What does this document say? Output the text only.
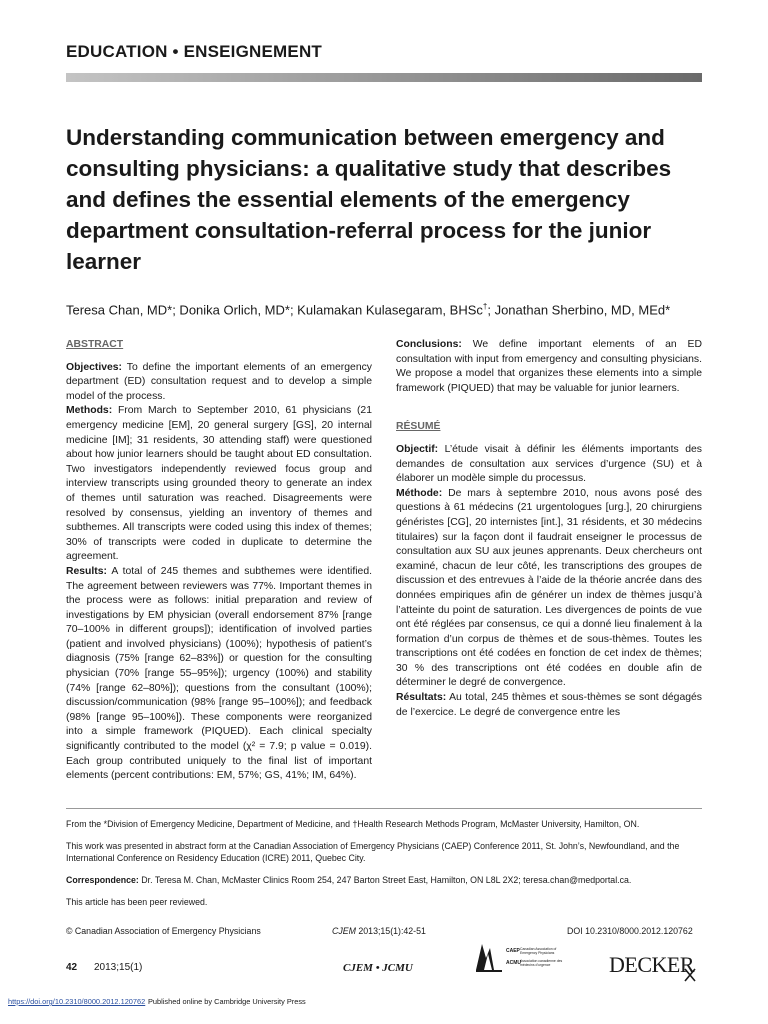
EDUCATION • ENSEIGNEMENT
Understanding communication between emergency and consulting physicians: a qualitative study that describes and defines the essential elements of the emergency department consultation-referral process for the junior learner
Teresa Chan, MD*; Donika Orlich, MD*; Kulamakan Kulasegaram, BHSc†; Jonathan Sherbino, MD, MEd*
ABSTRACT

Objectives: To define the important elements of an emergency department (ED) consultation request and to develop a simple model of the process.

Methods: From March to September 2010, 61 physicians (21 emergency medicine [EM], 20 general surgery [GS], 20 internal medicine [IM]; 31 residents, 30 attending staff) were questioned about how junior learners should be taught about ED consultation. Two investigators independently reviewed focus group and interview transcripts using grounded theory to generate an index of themes until saturation was reached. Disagreements were resolved by consensus, yielding an inventory of themes and subthemes. All transcripts were coded using this index of themes; 30% of transcripts were coded in duplicate to determine the agreement.

Results: A total of 245 themes and subthemes were identified. The agreement between reviewers was 77%. Important themes in the process were as follows: initial preparation and review of investigations by EM physician (overall endorsement 87% [range 70–100% in different groups]); identification of involved parties (patient and involved physicians) (100%); hypothesis of patient’s diagnosis (75% [range 62–83%]) or question for the consulting physician (70% [range 55–95%]); urgency (100%) and stability (74% [range 62–80%]); questions from the consultant (100%); discussion/communication (98% [range 95–100%]); and feedback (98% [range 95–100%]). These components were reorganized into a simple framework (PIQUED). Each clinical specialty significantly contributed to the model (χ² = 7.9; p value = 0.019). Each group contributed uniquely to the final list of important elements (percent contributions: EM, 57%; GS, 41%; IM, 64%).

Conclusions: We define important elements of an ED consultation with input from emergency and consulting physicians. We propose a model that organizes these elements into a simple framework (PIQUED) that may be valuable for junior learners.

RÉSUMÉ

Objectif: L’étude visait à définir les éléments importants des demandes de consultation aux services d’urgence (SU) et à élaborer un modèle simple du processus.

Méthode: De mars à septembre 2010, nous avons posé des questions à 61 médecins (21 urgentologues [urg.], 20 chirurgiens généristes [CG], 20 internistes [int.], 31 résidents, et 30 médecins titulaires) sur la façon dont il faudrait enseigner le processus de consultation aux SU aux jeunes apprenants. Deux chercheurs ont examiné, chacun de leur côté, les transcriptions des groupes de discussion et des entrevues à l’aide de la théorie ancrée dans des données empiriques afin de générer un index de thèmes jusqu’à l’atteinte du point de saturation. Les divergences de points de vue ont été réglées par consensus, ce qui a donné lieu finalement à la formation d’un corpus de thèmes et de sous-thèmes. Toutes les transcriptions ont été codées en fonction de cet index de thèmes; 30 % des transcriptions ont été codées en double afin de déterminer le degré de convergence.

Résultats: Au total, 245 thèmes et sous-thèmes se sont dégagés de l’exercice. Le degré de convergence entre les

From the *Division of Emergency Medicine, Department of Medicine, and †Health Research Methods Program, McMaster University, Hamilton, ON.

This work was presented in abstract form at the Canadian Association of Emergency Physicians (CAEP) Conference 2011, St. John’s, Newfoundland, and the International Conference on Residency Education (ICRE) 2011, Quebec City.

Correspondence: Dr. Teresa M. Chan, McMaster Clinics Room 254, 247 Barton Street East, Hamilton, ON L8L 2X2; teresa.chan@medportal.ca.

This article has been peer reviewed.

© Canadian Association of Emergency Physicians	CJEM 2013;15(1):42-51	DOI 10.2310/8000.2012.120762
42 2013;15(1)	CJEM • JCMU
CAEP Canadian Association of Emergency Physicians
ACMU Association canadienne des médecins d’urgence	DECKER
https://doi.org/10.2310/8000.2012.120762 Published online by Cambridge University Press
